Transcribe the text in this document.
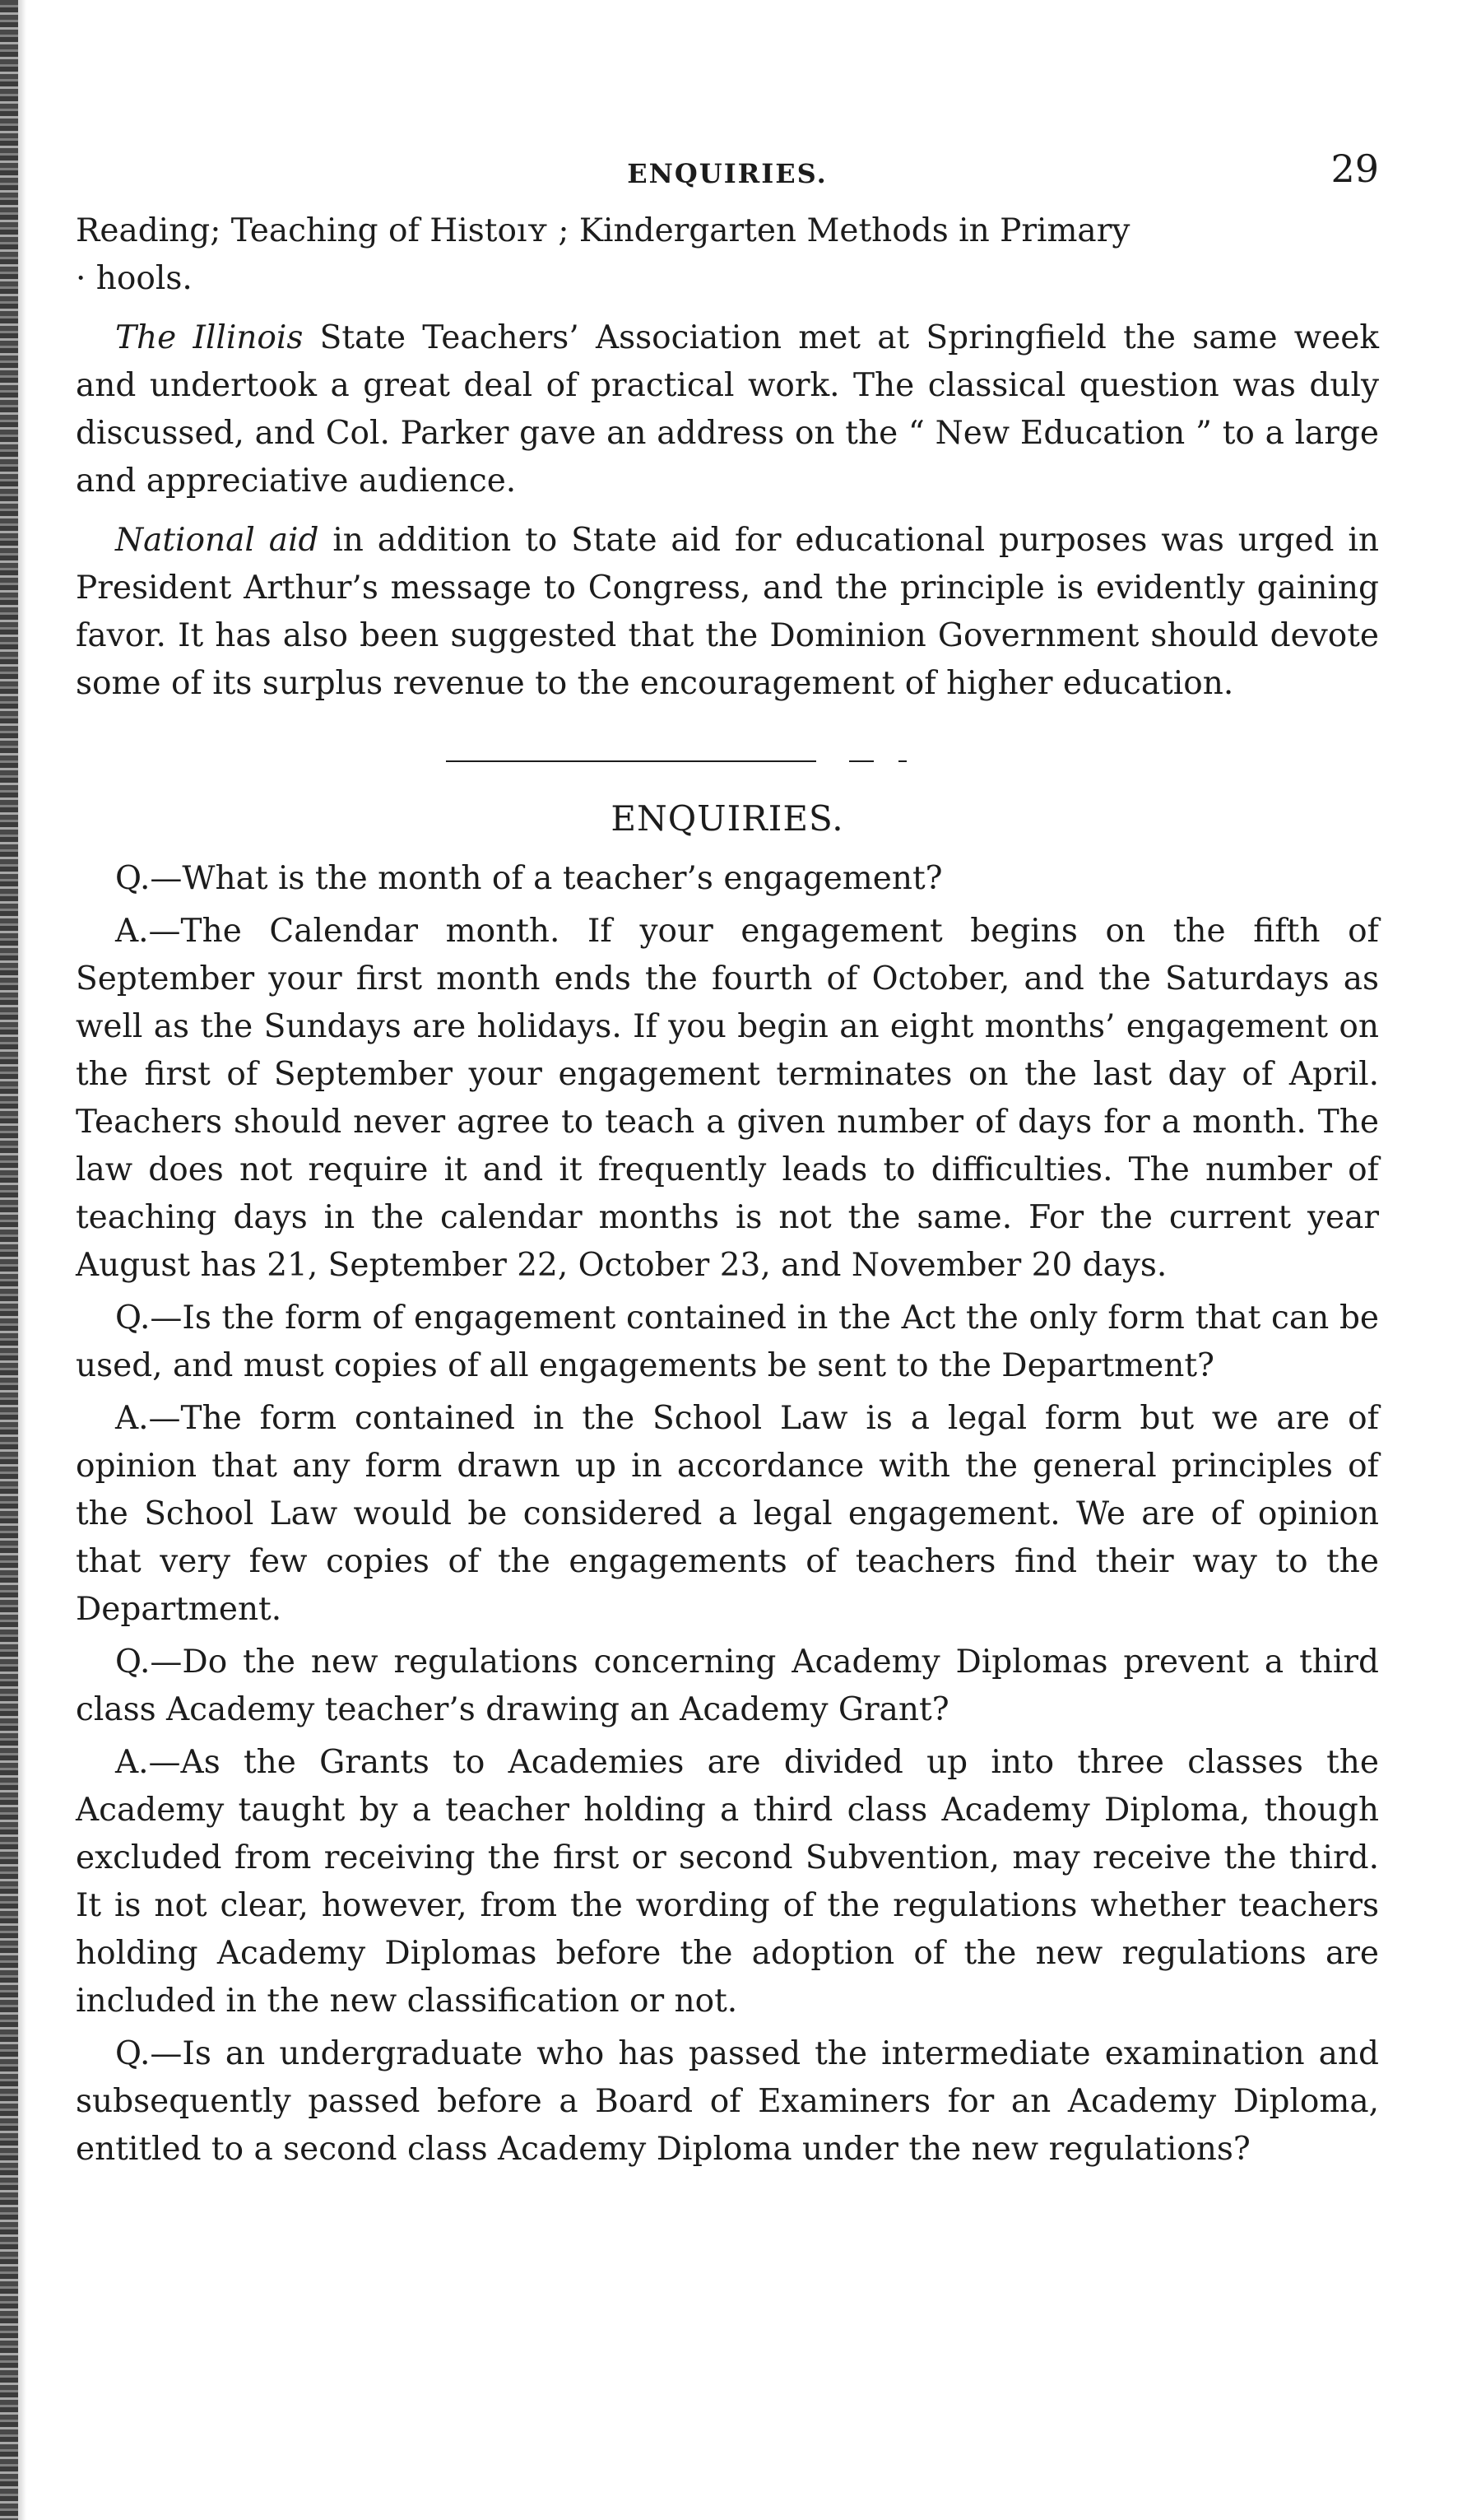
ENQUIRIES.	29

Reading; Teaching of Histoıʏ ; Kindergarten Methods in Primary
· hools.

The Illinois State Teachers’ Association met at Springfield the same week and undertook a great deal of practical work. The classical question was duly discussed, and Col. Parker gave an address on the “ New Education ” to a large and appreciative audience.

National aid in addition to State aid for educational purposes was urged in President Arthur’s message to Congress, and the principle is evidently gaining favor. It has also been suggested that the Dominion Government should devote some of its surplus revenue to the encouragement of higher education.

ENQUIRIES.

Q.—What is the month of a teacher’s engagement?

A.—The Calendar month. If your engagement begins on the fifth of September your first month ends the fourth of October, and the Saturdays as well as the Sundays are holidays. If you begin an eight months’ engagement on the first of September your engagement terminates on the last day of April. Teachers should never agree to teach a given number of days for a month. The law does not require it and it frequently leads to difficulties. The number of teaching days in the calendar months is not the same. For the current year August has 21, September 22, October 23, and November 20 days.

Q.—Is the form of engagement contained in the Act the only form that can be used, and must copies of all engagements be sent to the Department?

A.—The form contained in the School Law is a legal form but we are of opinion that any form drawn up in accordance with the general principles of the School Law would be considered a legal engagement. We are of opinion that very few copies of the engagements of teachers find their way to the Department.

Q.—Do the new regulations concerning Academy Diplomas prevent a third class Academy teacher’s drawing an Academy Grant?

A.—As the Grants to Academies are divided up into three classes the Academy taught by a teacher holding a third class Academy Diploma, though excluded from receiving the first or second Subvention, may receive the third. It is not clear, however, from the wording of the regulations whether teachers holding Academy Diplomas before the adoption of the new regulations are included in the new classification or not.

Q.—Is an undergraduate who has passed the intermediate examination and subsequently passed before a Board of Examiners for an Academy Diploma, entitled to a second class Academy Diploma under the new regulations?
